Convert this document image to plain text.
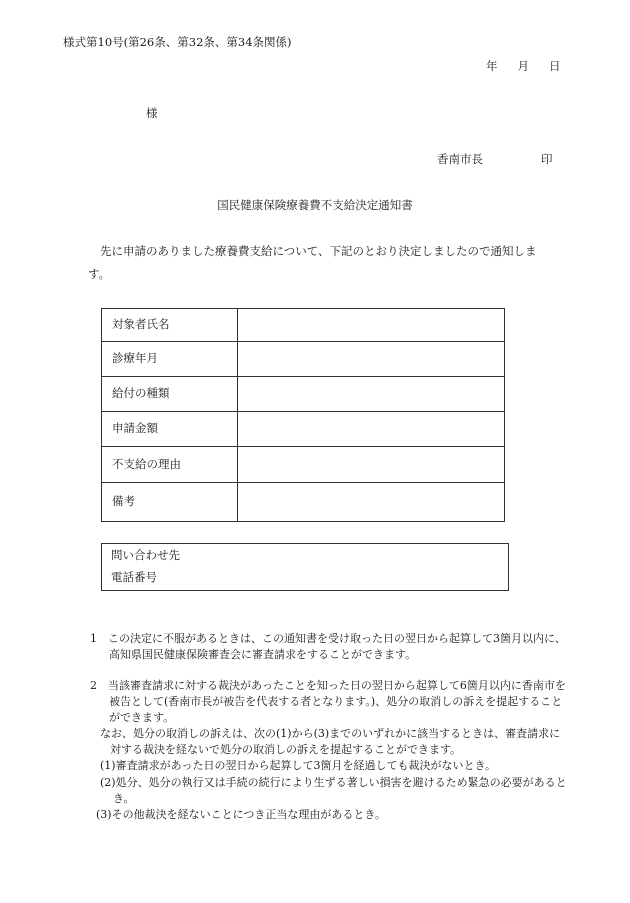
様式第10号(第26条、第32条、第34条関係)
年 月 日
様
香南市長	印
国民健康保険療養費不支給決定通知書
先に申請のありました療養費支給について、下記のとおり決定しましたので通知します。
対象者氏名	
診療年月	
給付の種類	
申請金額	
不支給の理由	
備考	
問い合わせ先
電話番号
1　この決定に不服があるときは、この通知書を受け取った日の翌日から起算して3箇月以内に、高知県国民健康保険審査会に審査請求をすることができます。
2　当該審査請求に対する裁決があったことを知った日の翌日から起算して6箇月以内に香南市を被告として(香南市長が被告を代表する者となります。)、処分の取消しの訴えを提起することができます。
なお、処分の取消しの訴えは、次の(1)から(3)までのいずれかに該当するときは、審査請求に対する裁決を経ないで処分の取消しの訴えを提起することができます。
(1)審査請求があった日の翌日から起算して3箇月を経過しても裁決がないとき。
(2)処分、処分の執行又は手続の続行により生ずる著しい損害を避けるため緊急の必要があるとき。
(3)その他裁決を経ないことにつき正当な理由があるとき。
